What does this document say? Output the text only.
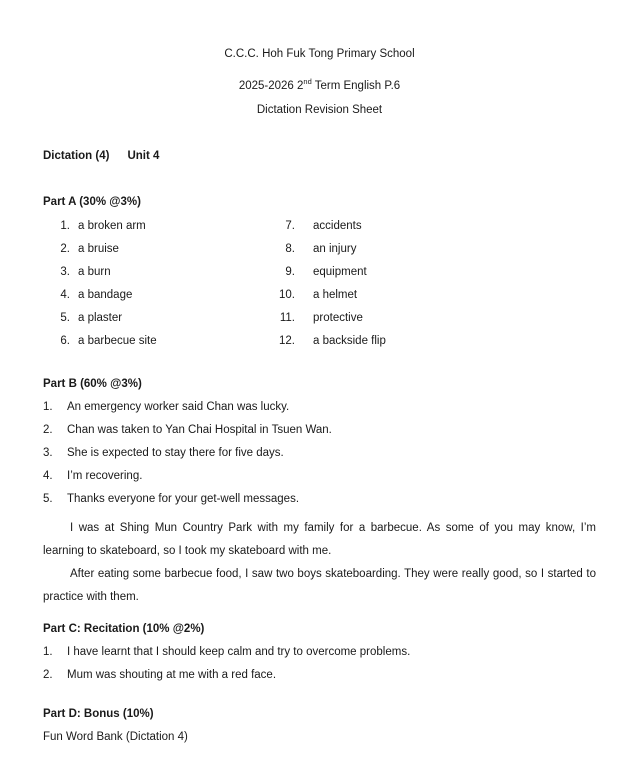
C.C.C. Hoh Fuk Tong Primary School

2025-2026 2nd Term English P.6

Dictation Revision Sheet

Dictation (4) Unit 4

Part A (30% @3%)

1. a broken arm	7. accidents
2. a bruise	8. an injury
3. a burn	9. equipment
4. a bandage	10. a helmet
5. a plaster	11. protective
6. a barbecue site	12. a backside flip

Part B (60% @3%)

1.	An emergency worker said Chan was lucky.
2.	Chan was taken to Yan Chai Hospital in Tsuen Wan.
3.	She is expected to stay there for five days.
4.	I’m recovering.
5.	Thanks everyone for your get-well messages.

I was at Shing Mun Country Park with my family for a barbecue. As some of you may know, I’m learning to skateboard, so I took my skateboard with me.

After eating some barbecue food, I saw two boys skateboarding. They were really good, so I started to practice with them.

Part C: Recitation (10% @2%)

1.	I have learnt that I should keep calm and try to overcome problems.
2.	Mum was shouting at me with a red face.

Part D: Bonus (10%)

Fun Word Bank (Dictation 4)
